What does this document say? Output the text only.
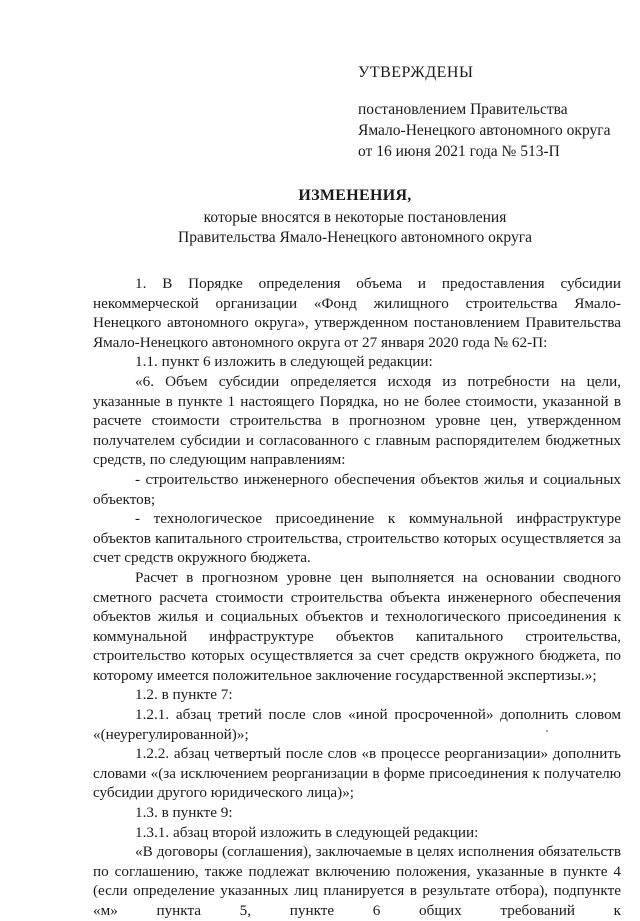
УТВЕРЖДЕНЫ
постановлением Правительства
Ямало-Ненецкого автономного округа
от 16 июня 2021 года № 513-П
ИЗМЕНЕНИЯ,
которые вносятся в некоторые постановления
Правительства Ямало-Ненецкого автономного округа

1. В Порядке определения объема и предоставления субсидии некоммерческой организации «Фонд жилищного строительства Ямало-Ненецкого автономного округа», утвержденном постановлением Правительства Ямало-Ненецкого автономного округа от 27 января 2020 года № 62-П:

1.1. пункт 6 изложить в следующей редакции:

«6. Объем субсидии определяется исходя из потребности на цели, указанные в пункте 1 настоящего Порядка, но не более стоимости, указанной в расчете стоимости строительства в прогнозном уровне цен, утвержденном получателем субсидии и согласованного с главным распорядителем бюджетных средств, по следующим направлениям:

- строительство инженерного обеспечения объектов жилья и социальных объектов;

- технологическое присоединение к коммунальной инфраструктуре объектов капитального строительства, строительство которых осуществляется за счет средств окружного бюджета.

Расчет в прогнозном уровне цен выполняется на основании сводного сметного расчета стоимости строительства объекта инженерного обеспечения объектов жилья и социальных объектов и технологического присоединения к коммунальной инфраструктуре объектов капитального строительства, строительство которых осуществляется за счет средств окружного бюджета, по которому имеется положительное заключение государственной экспертизы.»;

1.2. в пункте 7:

1.2.1. абзац третий после слов «иной просроченной» дополнить словом «(неурегулированной)»;

1.2.2. абзац четвертый после слов «в процессе реорганизации» дополнить словами «(за исключением реорганизации в форме присоединения к получателю субсидии другого юридического лица)»;

1.3. в пункте 9:

1.3.1. абзац второй изложить в следующей редакции:

«В договоры (соглашения), заключаемые в целях исполнения обязательств по соглашению, также подлежат включению положения, указанные в пункте 4 (если определение указанных лиц планируется в результате отбора), подпункте «м» пункта 5, пункте 6 общих требований к
